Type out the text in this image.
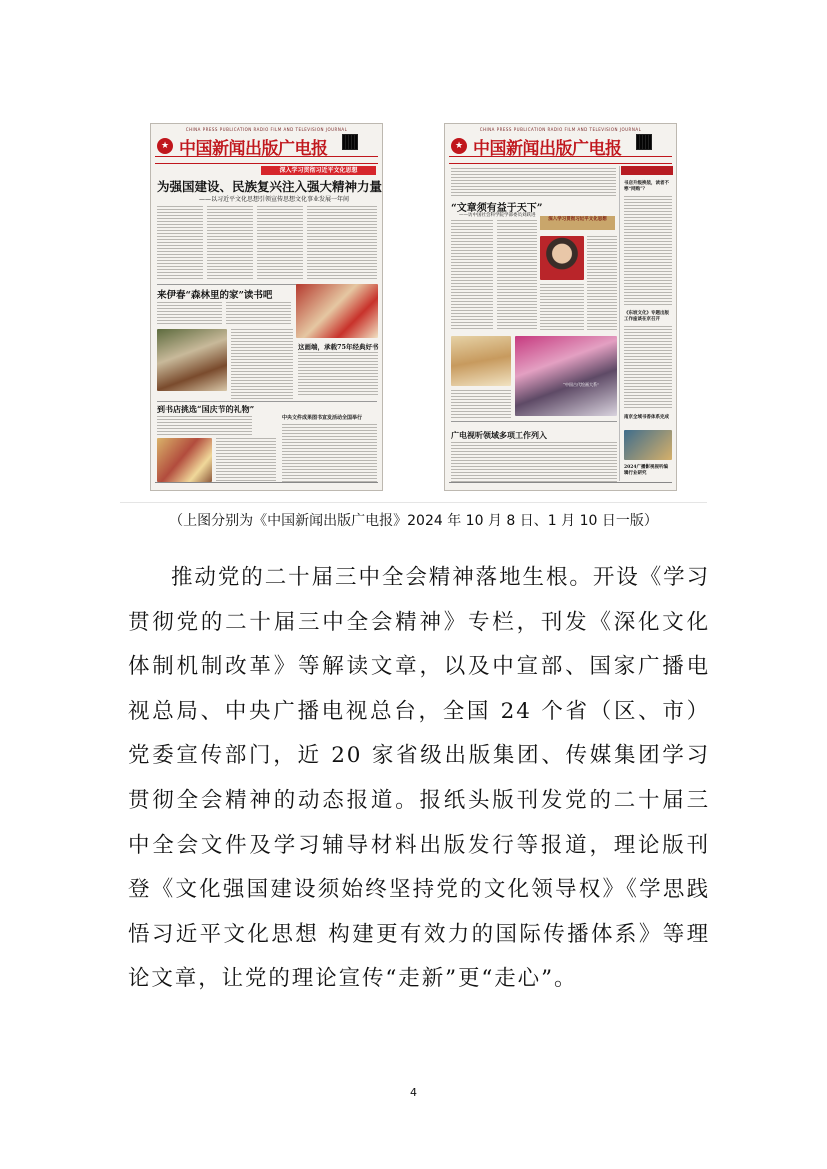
CHINA PRESS PUBLICATION RADIO FILM AND TELEVISION JOURNAL
★ 中国新闻出版广电报
深入学习贯彻习近平文化思想
为强国建设、民族复兴注入强大精神力量
——以习近平文化思想引领宣传思想文化事业发展一年间
来伊春“森林里的家”读书吧
这画端，承载75年经典好书
到书店挑选“国庆节的礼物”
中央文件成果图书宣发活动全国举行
CHINA PRESS PUBLICATION RADIO FILM AND TELEVISION JOURNAL
★ 中国新闻出版广电报
“文章须有益于天下”
——访中国社会科学院学部委员刘跃进
深入学习贯彻习近平文化思想
“中国古代绘画大系”
广电视听领域多项工作列入
书店升级换装，读者不寒“网购”？
《东坡文化》专题出版工作座谈在京召开
南京全域书香体系完成
2024广播影视视听编辑行业研究
（上图分别为《中国新闻出版广电报》2024 年 10 月 8 日、1 月 10 日一版）

推动党的二十届三中全会精神落地生根。开设《学习贯彻党的二十届三中全会精神》专栏，刊发《深化文化体制机制改革》等解读文章，以及中宣部、国家广播电视总局、中央广播电视总台，全国 24 个省（区、市）党委宣传部门，近 20 家省级出版集团、传媒集团学习贯彻全会精神的动态报道。报纸头版刊发党的二十届三中全会文件及学习辅导材料出版发行等报道，理论版刊登《文化强国建设须始终坚持党的文化领导权》《学思践悟习近平文化思想 构建更有效力的国际传播体系》等理论文章，让党的理论宣传“走新”更“走心”。

4
